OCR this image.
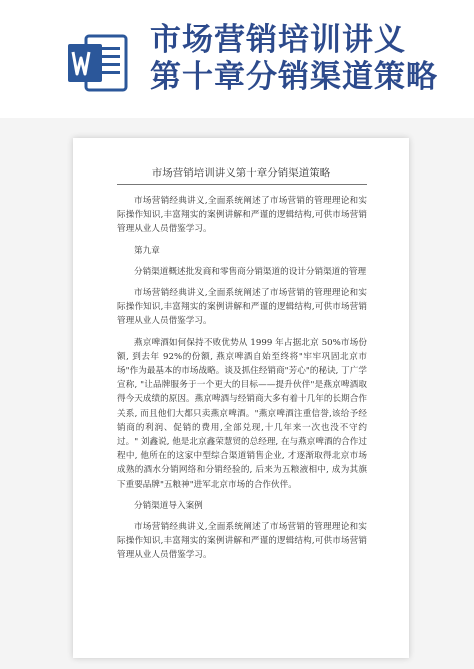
市场营销培训讲义
第十章分销渠道策略
市场营销培训讲义第十章分销渠道策略

市场营销经典讲义,全面系统阐述了市场营销的管理理论和实际操作知识,丰富翔实的案例讲解和严谨的逻辑结构,可供市场营销管理从业人员借鉴学习。

第九章

分销渠道概述批发商和零售商分销渠道的设计分销渠道的管理

市场营销经典讲义,全面系统阐述了市场营销的管理理论和实际操作知识,丰富翔实的案例讲解和严谨的逻辑结构,可供市场营销管理从业人员借鉴学习。

燕京啤酒如何保持不败优势从 1999 年占据北京 50%市场份额, 到去年 92%的份额, 燕京啤酒自始至终将"牢牢巩固北京市场"作为最基本的市场战略。谈及抓住经销商"芳心"的秘诀, 丁广学宣称, "让品牌服务于一个更大的目标——提升伙伴"是燕京啤酒取得今天成绩的原因。燕京啤酒与经销商大多有着十几年的长期合作关系, 而且他们大都只卖燕京啤酒。"燕京啤酒注重信誉,该给予经销商的利润、促销的费用,全部兑现,十几年来一次也没不守约过。" 刘鑫说, 他是北京鑫荣慧贸的总经理, 在与燕京啤酒的合作过程中, 他所在的这家中型综合渠道销售企业, 才逐渐取得北京市场成熟的酒水分销网络和分销经验的, 后来为五粮液相中, 成为其旗下重要品牌"五粮神"进军北京市场的合作伙伴。

分销渠道导入案例

市场营销经典讲义,全面系统阐述了市场营销的管理理论和实际操作知识,丰富翔实的案例讲解和严谨的逻辑结构,可供市场营销管理从业人员借鉴学习。
